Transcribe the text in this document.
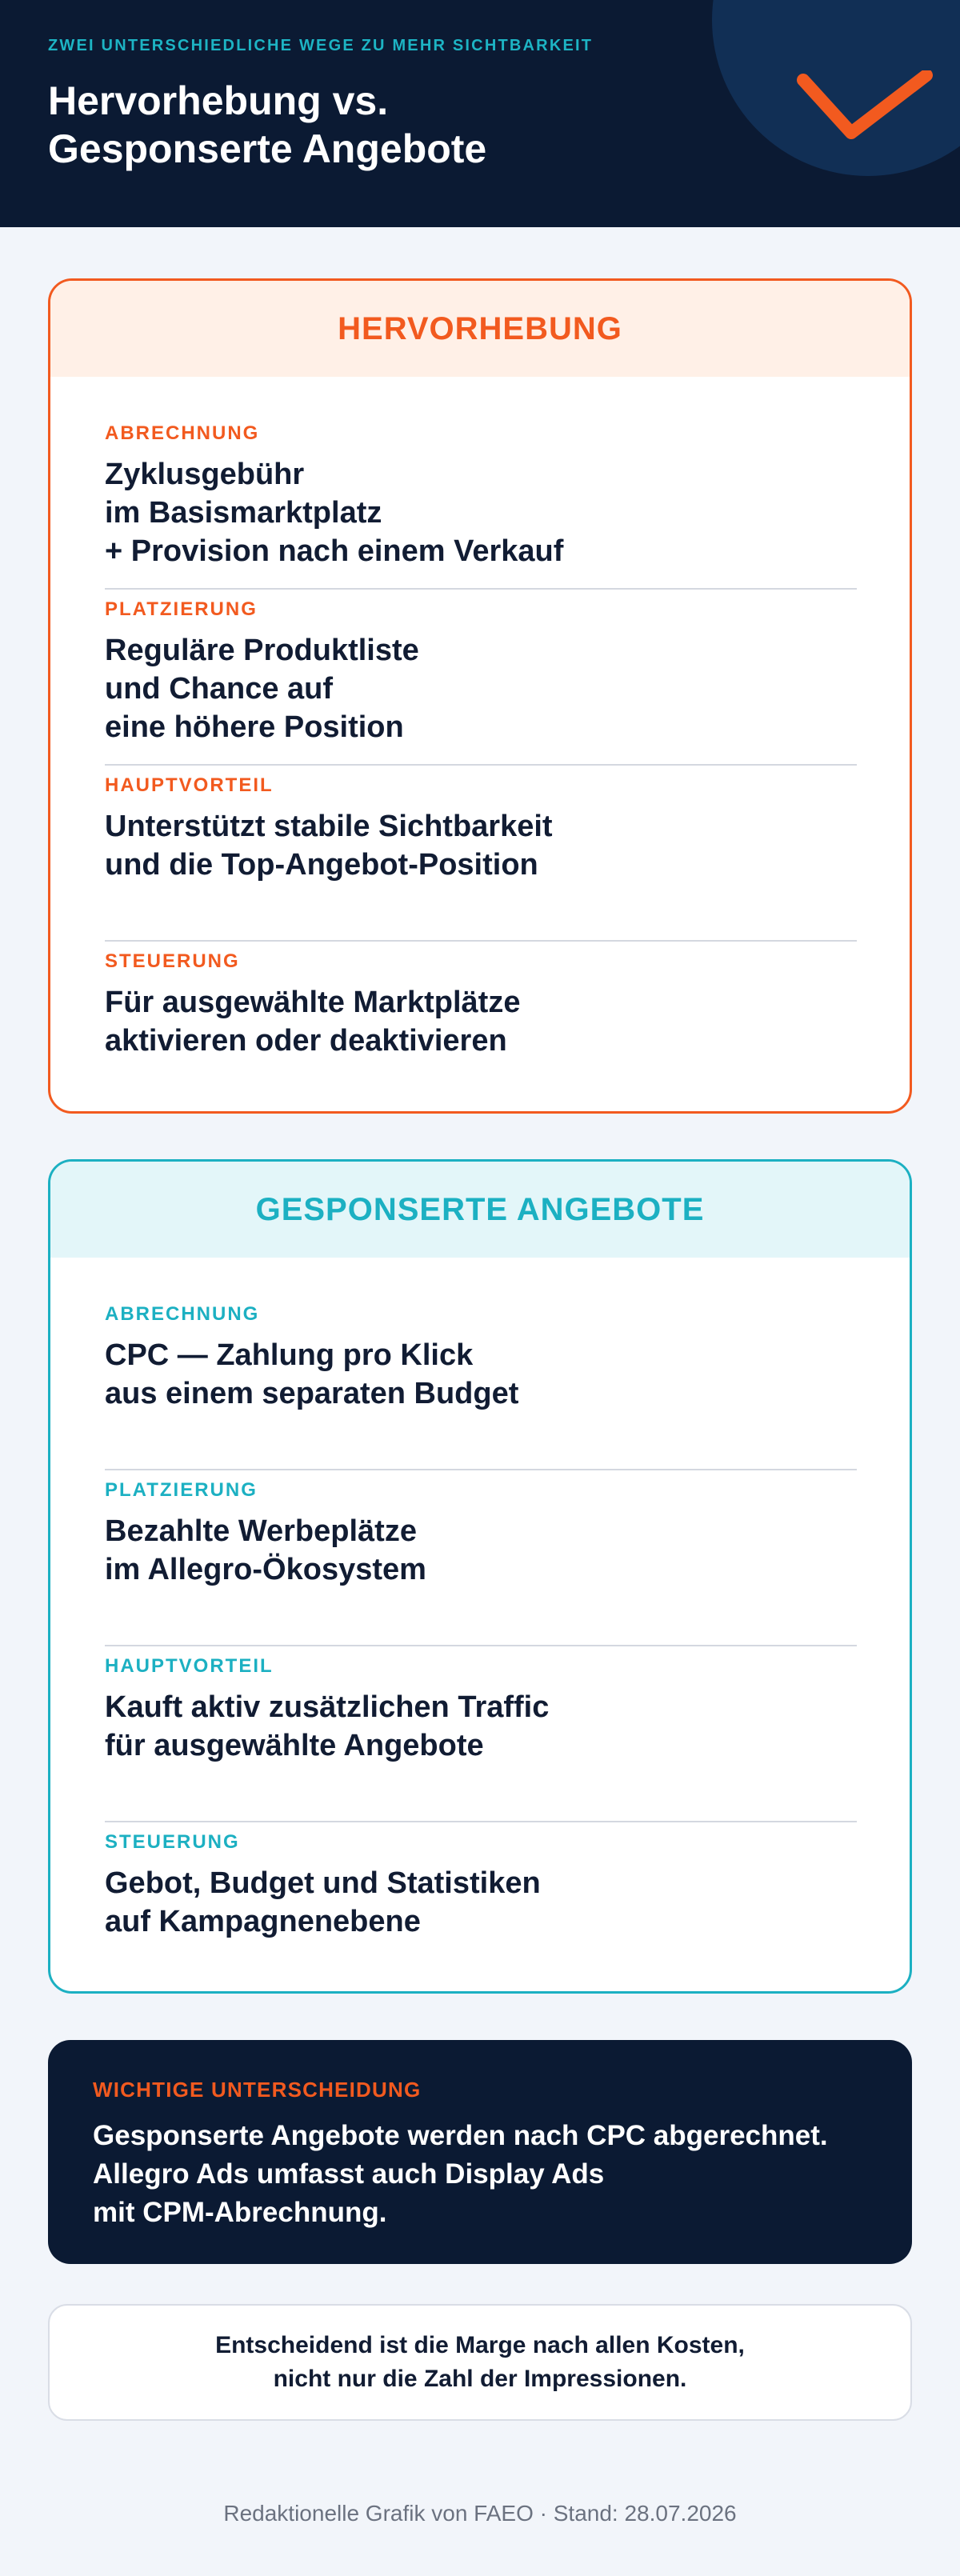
ZWEI UNTERSCHIEDLICHE WEGE ZU MEHR SICHTBARKEIT
Hervorhebung vs.
Gesponserte Angebote
HERVORHEBUNG
ABRECHNUNG
Zyklusgebühr
im Basismarktplatz
+ Provision nach einem Verkauf
PLATZIERUNG
Reguläre Produktliste
und Chance auf
eine höhere Position
HAUPTVORTEIL
Unterstützt stabile Sichtbarkeit
und die Top-Angebot-Position
STEUERUNG
Für ausgewählte Marktplätze
aktivieren oder deaktivieren
GESPONSERTE ANGEBOTE
ABRECHNUNG
CPC — Zahlung pro Klick
aus einem separaten Budget
PLATZIERUNG
Bezahlte Werbeplätze
im Allegro-Ökosystem
HAUPTVORTEIL
Kauft aktiv zusätzlichen Traffic
für ausgewählte Angebote
STEUERUNG
Gebot, Budget und Statistiken
auf Kampagnenebene
WICHTIGE UNTERSCHEIDUNG
Gesponserte Angebote werden nach CPC abgerechnet.
Allegro Ads umfasst auch Display Ads
mit CPM-Abrechnung.
Entscheidend ist die Marge nach allen Kosten,
nicht nur die Zahl der Impressionen.
Redaktionelle Grafik von FAEO · Stand: 28.07.2026
